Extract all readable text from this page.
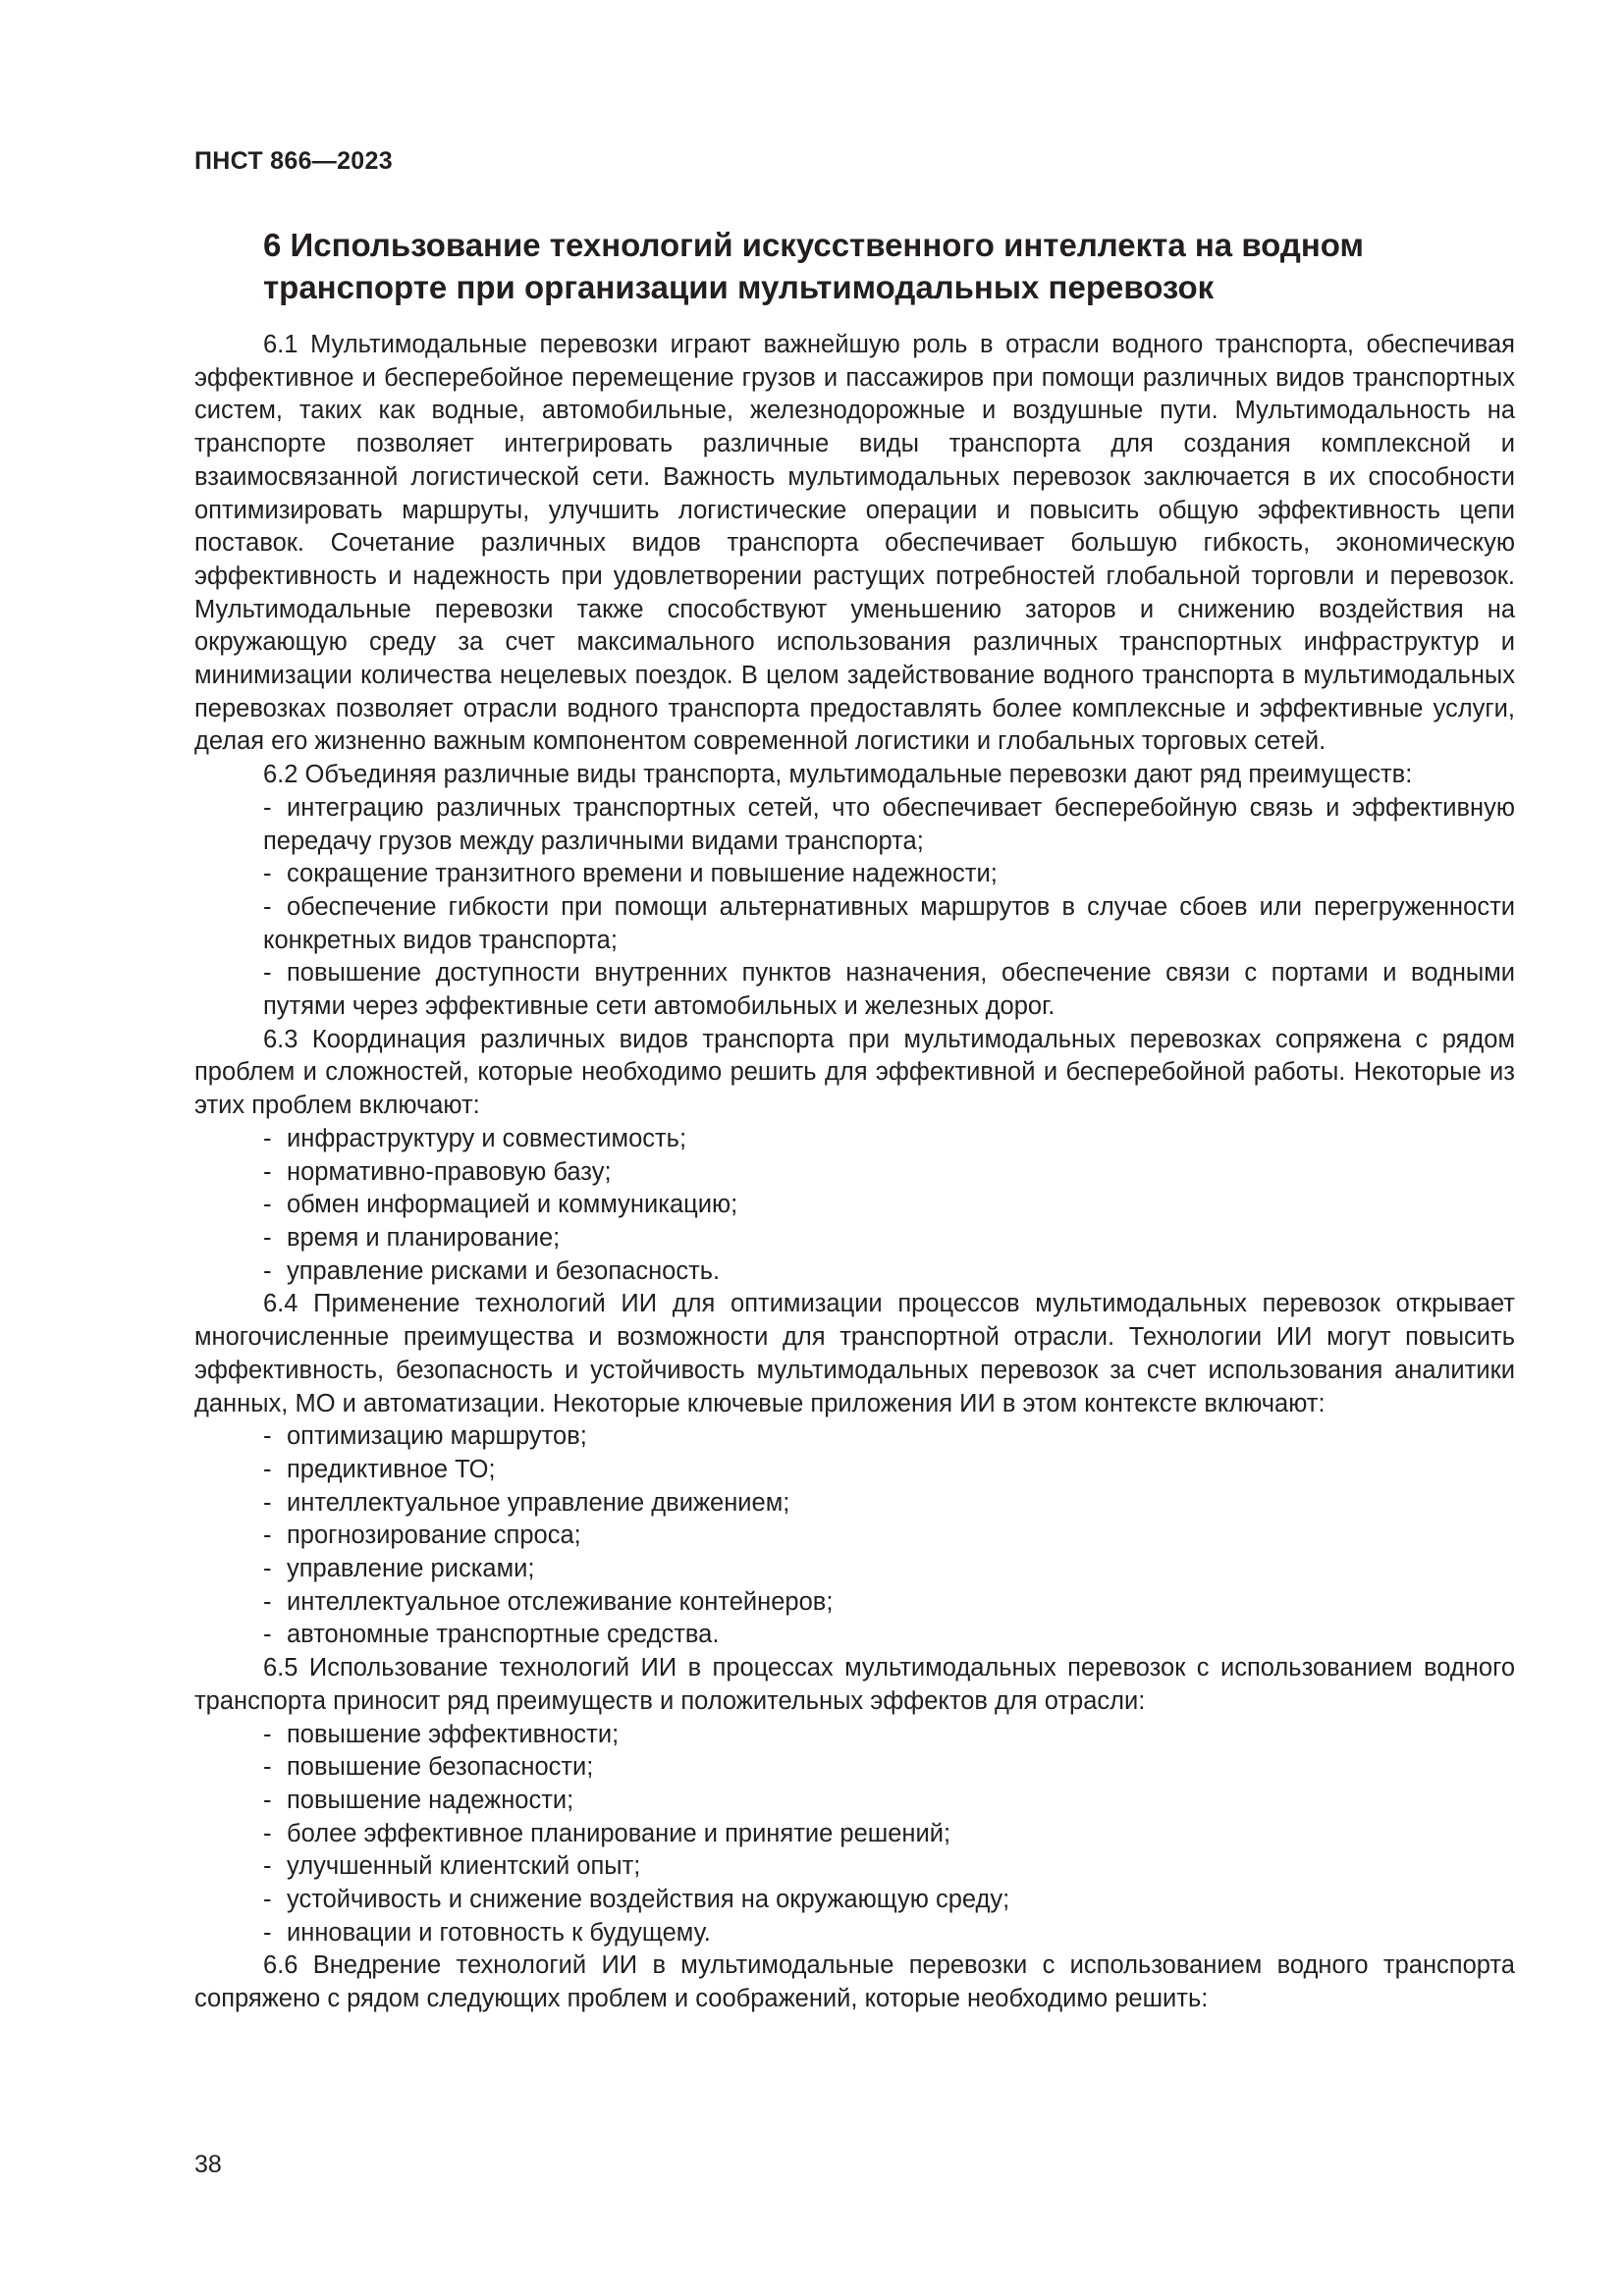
ПНСТ 866—2023
6 Использование технологий искусственного интеллекта на водном транспорте при организации мультимодальных перевозок

6.1 Мультимодальные перевозки играют важнейшую роль в отрасли водного транспорта, обеспечивая эффективное и бесперебойное перемещение грузов и пассажиров при помощи различных видов транспортных систем, таких как водные, автомобильные, железнодорожные и воздушные пути. Мультимодальность на транспорте позволяет интегрировать различные виды транспорта для создания комплексной и взаимосвязанной логистической сети. Важность мультимодальных перевозок заключается в их способности оптимизировать маршруты, улучшить логистические операции и повысить общую эффективность цепи поставок. Сочетание различных видов транспорта обеспечивает большую гибкость, экономическую эффективность и надежность при удовлетворении растущих потребностей глобальной торговли и перевозок. Мультимодальные перевозки также способствуют уменьшению заторов и снижению воздействия на окружающую среду за счет максимального использования различных транспортных инфраструктур и минимизации количества нецелевых поездок. В целом задействование водного транспорта в мультимодальных перевозках позволяет отрасли водного транспорта предоставлять более комплексные и эффективные услуги, делая его жизненно важным компонентом современной логистики и глобальных торговых сетей.

6.2 Объединяя различные виды транспорта, мультимодальные перевозки дают ряд преимуществ:

- интеграцию различных транспортных сетей, что обеспечивает бесперебойную связь и эффективную передачу грузов между различными видами транспорта;
- сокращение транзитного времени и повышение надежности;
- обеспечение гибкости при помощи альтернативных маршрутов в случае сбоев или перегруженности конкретных видов транспорта;
- повышение доступности внутренних пунктов назначения, обеспечение связи с портами и водными путями через эффективные сети автомобильных и железных дорог.

6.3 Координация различных видов транспорта при мультимодальных перевозках сопряжена с рядом проблем и сложностей, которые необходимо решить для эффективной и бесперебойной работы. Некоторые из этих проблем включают:

- инфраструктуру и совместимость;
- нормативно-правовую базу;
- обмен информацией и коммуникацию;
- время и планирование;
- управление рисками и безопасность.

6.4 Применение технологий ИИ для оптимизации процессов мультимодальных перевозок открывает многочисленные преимущества и возможности для транспортной отрасли. Технологии ИИ могут повысить эффективность, безопасность и устойчивость мультимодальных перевозок за счет использования аналитики данных, МО и автоматизации. Некоторые ключевые приложения ИИ в этом контексте включают:

- оптимизацию маршрутов;
- предиктивное ТО;
- интеллектуальное управление движением;
- прогнозирование спроса;
- управление рисками;
- интеллектуальное отслеживание контейнеров;
- автономные транспортные средства.

6.5 Использование технологий ИИ в процессах мультимодальных перевозок с использованием водного транспорта приносит ряд преимуществ и положительных эффектов для отрасли:

- повышение эффективности;
- повышение безопасности;
- повышение надежности;
- более эффективное планирование и принятие решений;
- улучшенный клиентский опыт;
- устойчивость и снижение воздействия на окружающую среду;
- инновации и готовность к будущему.

6.6 Внедрение технологий ИИ в мультимодальные перевозки с использованием водного транспорта сопряжено с рядом следующих проблем и соображений, которые необходимо решить:

38
